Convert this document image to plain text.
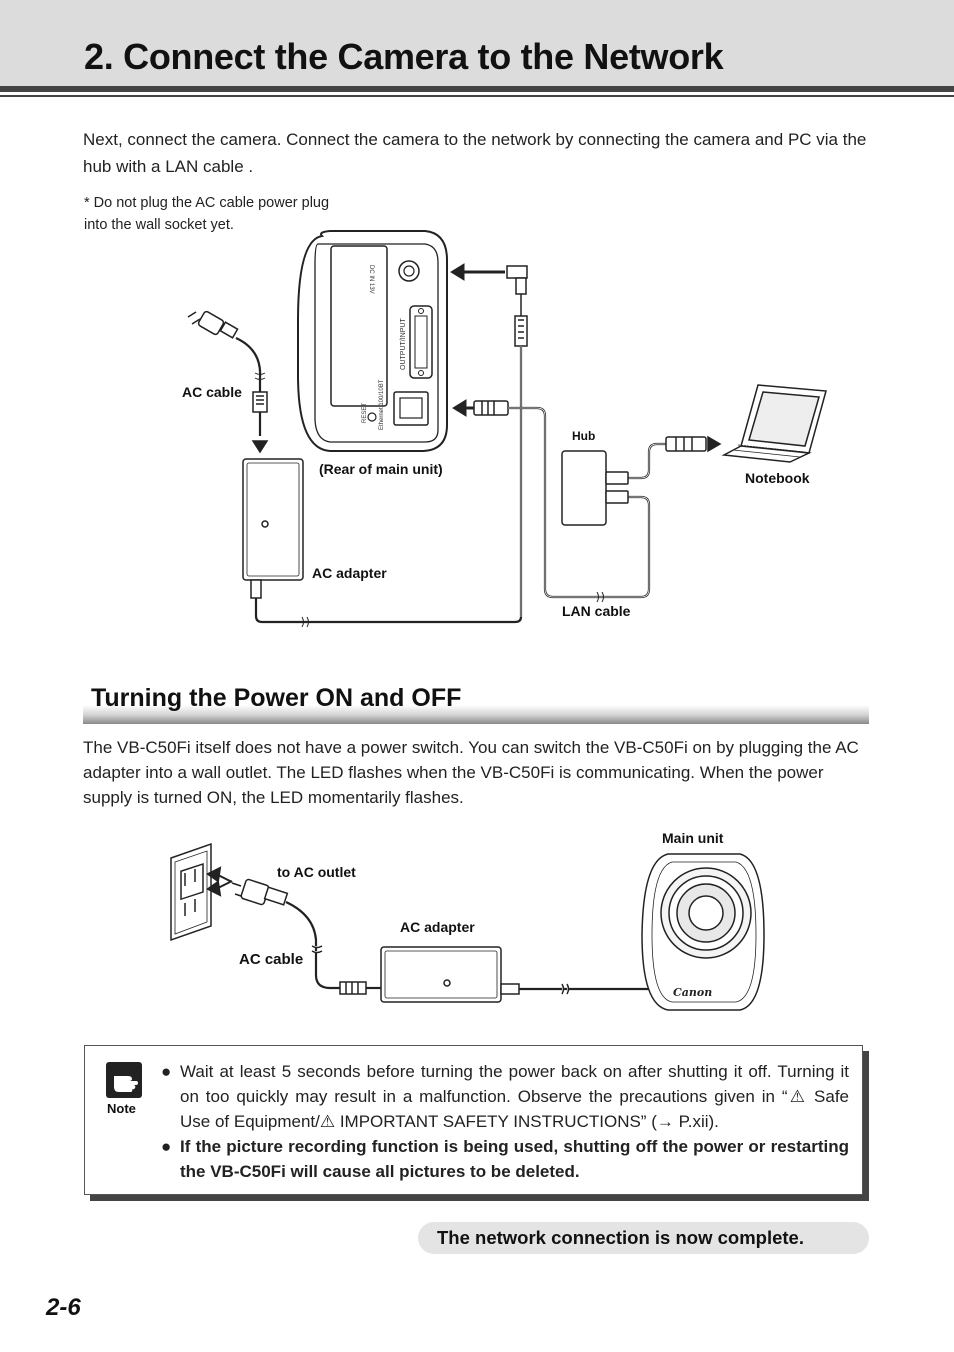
2. Connect the Camera to the Network

Next, connect the camera. Connect the camera to the network by connecting the camera and PC via the hub with a LAN cable .

* Do not plug the AC cable power plug into the wall socket yet.

AC cable
(Rear of main unit)
AC adapter
Hub
Notebook
LAN cable
DC IN 13V
OUTPUT/INPUT
RESET Ethernet 100/10BT
Turning the Power ON and OFF

The VB-C50Fi itself does not have a power switch. You can switch the VB-C50Fi on by plugging the AC adapter into a wall outlet. The LED flashes when the VB-C50Fi is communicating. When the power supply is turned ON, the LED momentarily flashes.

Main unit
to AC outlet
AC adapter
AC cable
Canon
Note
● Wait at least 5 seconds before turning the power back on after shutting it off. Turning it on too quickly may result in a malfunction. Observe the precautions given in “⚠ Safe Use of Equipment/⚠ IMPORTANT SAFETY INSTRUCTIONS” (→ P.xii).
● If the picture recording function is being used, shutting off the power or restarting the VB-C50Fi will cause all pictures to be deleted.
The network connection is now complete.
2-6
